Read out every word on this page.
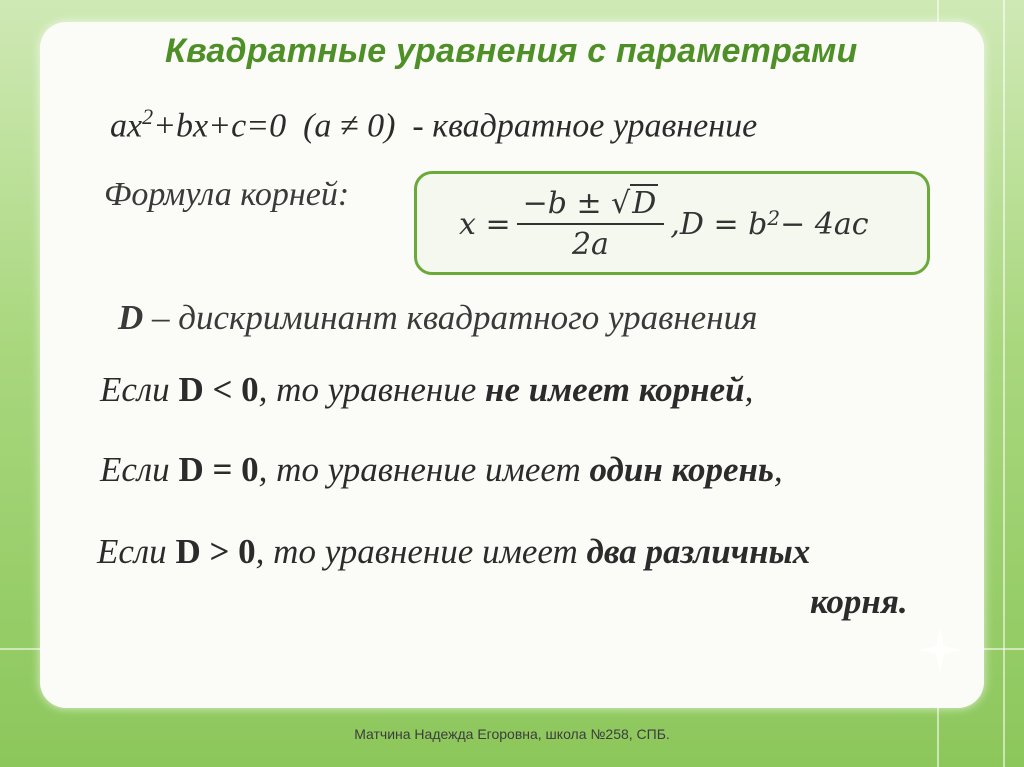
Квадратные уравнения с параметрами
$ax^2+bx+c=0$ (a ≠ 0) - квадратное уравнение
Формула корней:
$x = \frac{-b \pm √D}{2a}$ , $D = b^2 - 4ac$
D – дискриминант квадратного уравнения
Если D < 0, то уравнение не имеет корней,
Если D = 0, то уравнение имеет один корень,
Если D > 0, то уравнение имеет два различных
корня.
Матчина Надежда Егоровна, школа №258, СПБ.
